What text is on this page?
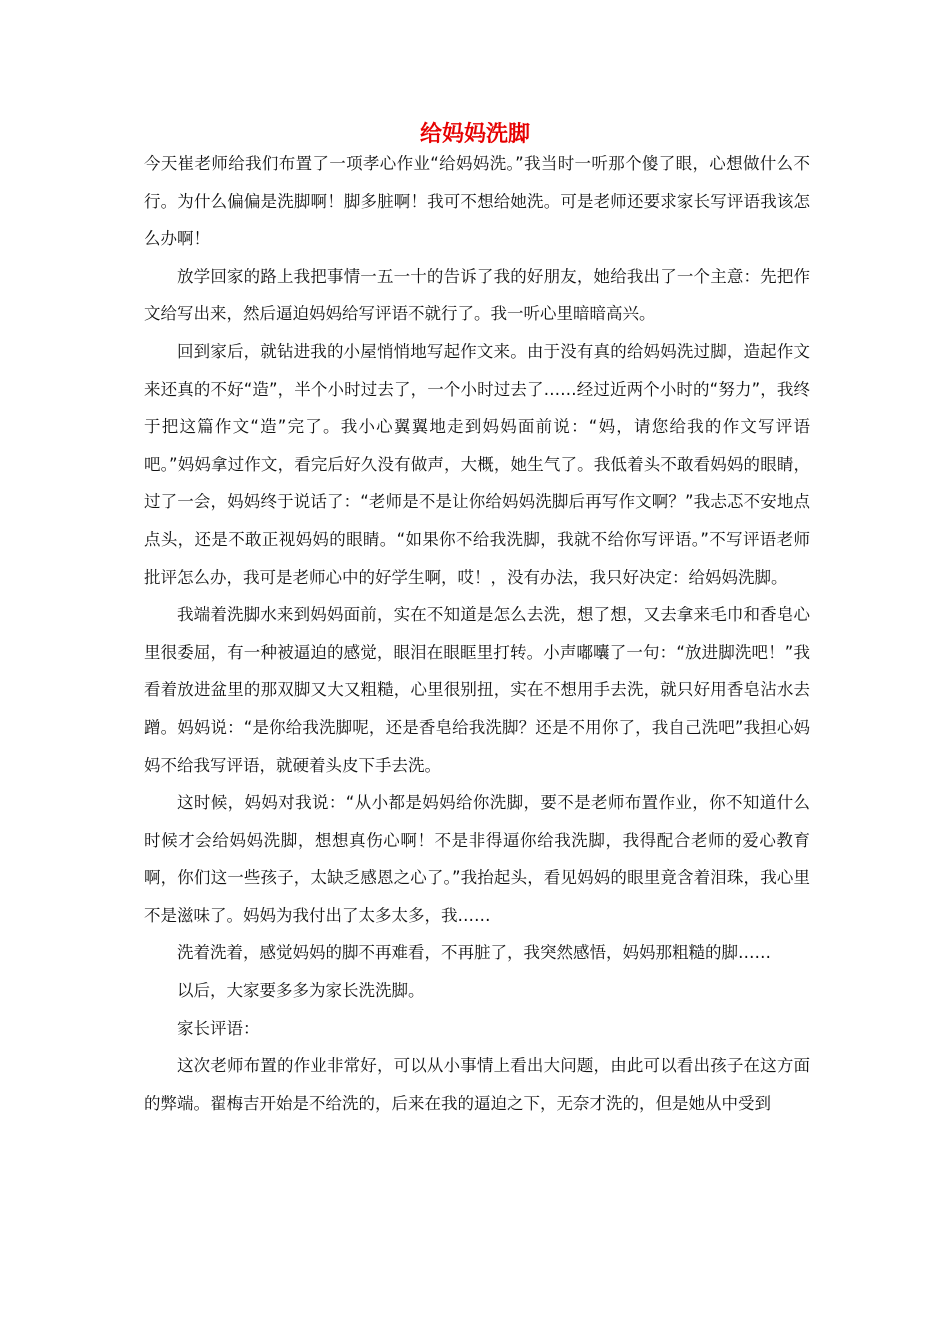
给妈妈洗脚

今天崔老师给我们布置了一项孝心作业“给妈妈洗。”我当时一听那个傻了眼，心想做什么不行。为什么偏偏是洗脚啊！脚多脏啊！我可不想给她洗。可是老师还要求家长写评语我该怎么办啊！

放学回家的路上我把事情一五一十的告诉了我的好朋友，她给我出了一个主意：先把作文给写出来，然后逼迫妈妈给写评语不就行了。我一听心里暗暗高兴。

回到家后，就钻进我的小屋悄悄地写起作文来。由于没有真的给妈妈洗过脚，造起作文来还真的不好“造”，半个小时过去了，一个小时过去了……经过近两个小时的“努力”，我终于把这篇作文“造”完了。我小心翼翼地走到妈妈面前说：“妈，请您给我的作文写评语吧。”妈妈拿过作文，看完后好久没有做声，大概，她生气了。我低着头不敢看妈妈的眼睛，过了一会，妈妈终于说话了：“老师是不是让你给妈妈洗脚后再写作文啊？”我忐忑不安地点点头，还是不敢正视妈妈的眼睛。“如果你不给我洗脚，我就不给你写评语。”不写评语老师批评怎么办，我可是老师心中的好学生啊，哎！，没有办法，我只好决定：给妈妈洗脚。

我端着洗脚水来到妈妈面前，实在不知道是怎么去洗，想了想，又去拿来毛巾和香皂心里很委屈，有一种被逼迫的感觉，眼泪在眼眶里打转。小声嘟囔了一句：“放进脚洗吧！”我看着放进盆里的那双脚又大又粗糙，心里很别扭，实在不想用手去洗，就只好用香皂沾水去蹭。妈妈说：“是你给我洗脚呢，还是香皂给我洗脚？还是不用你了，我自己洗吧”我担心妈妈不给我写评语，就硬着头皮下手去洗。

这时候，妈妈对我说：“从小都是妈妈给你洗脚，要不是老师布置作业，你不知道什么时候才会给妈妈洗脚，想想真伤心啊！不是非得逼你给我洗脚，我得配合老师的爱心教育啊，你们这一些孩子，太缺乏感恩之心了。”我抬起头，看见妈妈的眼里竟含着泪珠，我心里不是滋味了。妈妈为我付出了太多太多，我……

洗着洗着，感觉妈妈的脚不再难看，不再脏了，我突然感悟，妈妈那粗糙的脚……

以后，大家要多多为家长洗洗脚。

家长评语：

这次老师布置的作业非常好，可以从小事情上看出大问题，由此可以看出孩子在这方面的弊端。翟梅吉开始是不给洗的，后来在我的逼迫之下，无奈才洗的，但是她从中受到
